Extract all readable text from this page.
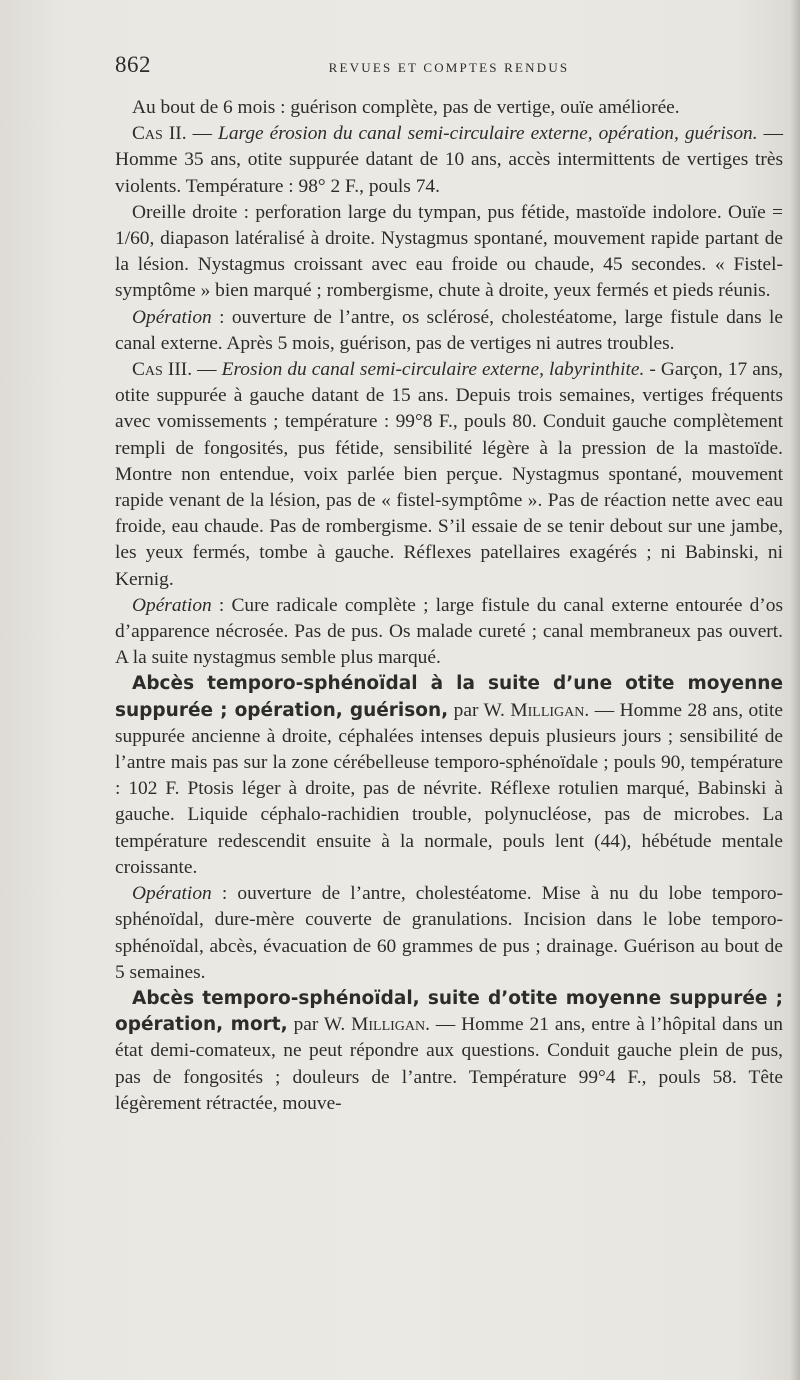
862	REVUES ET COMPTES RENDUS

Au bout de 6 mois : guérison complète, pas de vertige, ouïe améliorée.

Cas II. — Large érosion du canal semi-circulaire externe, opération, guérison. — Homme 35 ans, otite suppurée datant de 10 ans, accès intermittents de vertiges très violents. Température : 98° 2 F., pouls 74.

Oreille droite : perforation large du tympan, pus fétide, mastoïde indolore. Ouïe = 1/60, diapason latéralisé à droite. Nystagmus spontané, mouvement rapide partant de la lésion. Nystagmus croissant avec eau froide ou chaude, 45 secondes. « Fistel-symptôme » bien marqué ; rombergisme, chute à droite, yeux fermés et pieds réunis.

Opération : ouverture de l’antre, os sclérosé, cholestéatome, large fistule dans le canal externe. Après 5 mois, guérison, pas de vertiges ni autres troubles.

Cas III. — Erosion du canal semi-circulaire externe, labyrinthite. - Garçon, 17 ans, otite suppurée à gauche datant de 15 ans. Depuis trois semaines, vertiges fréquents avec vomissements ; température : 99°8 F., pouls 80. Conduit gauche complètement rempli de fongosités, pus fétide, sensibilité légère à la pression de la mastoïde. Montre non entendue, voix parlée bien perçue. Nystagmus spontané, mouvement rapide venant de la lésion, pas de « fistel-symptôme ». Pas de réaction nette avec eau froide, eau chaude. Pas de rombergisme. S’il essaie de se tenir debout sur une jambe, les yeux fermés, tombe à gauche. Réflexes patellaires exagérés ; ni Babinski, ni Kernig.

Opération : Cure radicale complète ; large fistule du canal externe entourée d’os d’apparence nécrosée. Pas de pus. Os malade cureté ; canal membraneux pas ouvert. A la suite nystagmus semble plus marqué.

Abcès temporo-sphénoïdal à la suite d’une otite moyenne suppurée ; opération, guérison, par W. Milligan. — Homme 28 ans, otite suppurée ancienne à droite, céphalées intenses depuis plusieurs jours ; sensibilité de l’antre mais pas sur la zone cérébelleuse temporo-sphénoïdale ; pouls 90, température : 102 F. Ptosis léger à droite, pas de névrite. Réflexe rotulien marqué, Babinski à gauche. Liquide céphalo-rachidien trouble, polynucléose, pas de microbes. La température redescendit ensuite à la normale, pouls lent (44), hébétude mentale croissante.

Opération : ouverture de l’antre, cholestéatome. Mise à nu du lobe temporo-sphénoïdal, dure-mère couverte de granulations. Incision dans le lobe temporo-sphénoïdal, abcès, évacuation de 60 grammes de pus ; drainage. Guérison au bout de 5 semaines.

Abcès temporo-sphénoïdal, suite d’otite moyenne suppurée ; opération, mort, par W. Milligan. — Homme 21 ans, entre à l’hôpital dans un état demi-comateux, ne peut répondre aux questions. Conduit gauche plein de pus, pas de fongosités ; douleurs de l’antre. Température 99°4 F., pouls 58. Tête légèrement rétractée, mouve-
